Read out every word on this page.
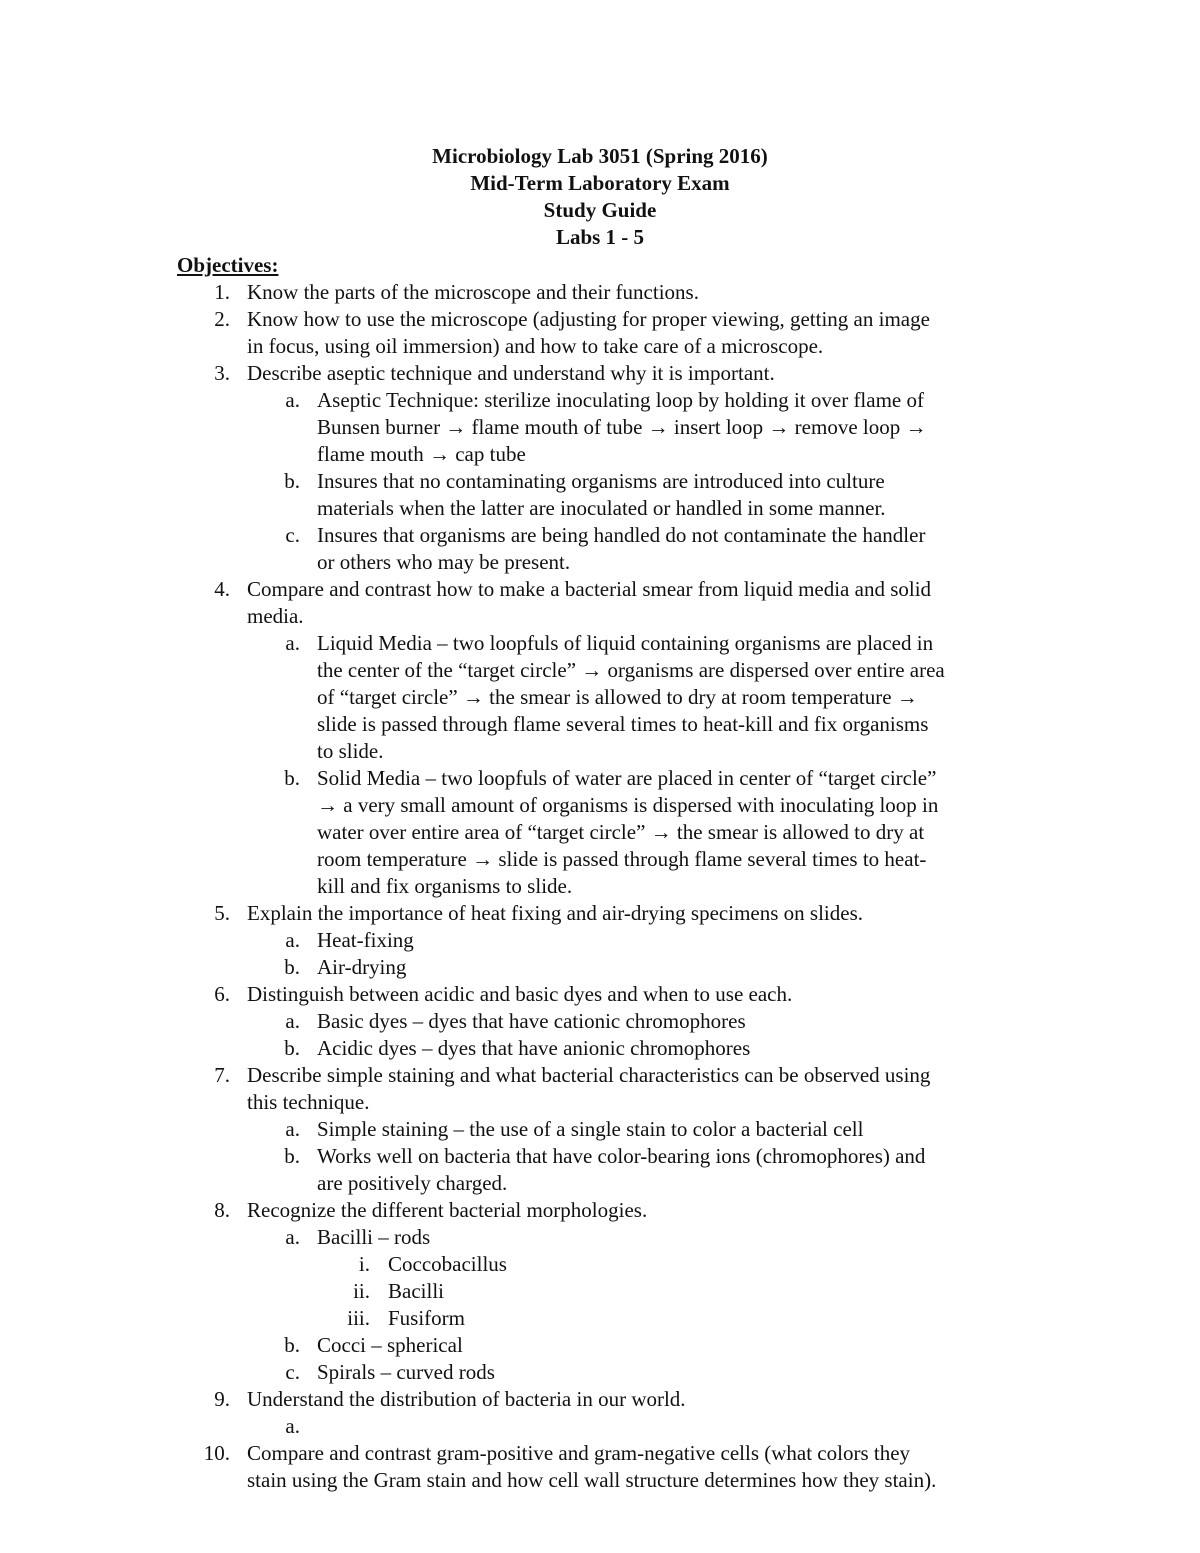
Microbiology Lab 3051 (Spring 2016)
Mid-Term Laboratory Exam
Study Guide
Labs 1 - 5
Objectives:
1. Know the parts of the microscope and their functions.
2. Know how to use the microscope (adjusting for proper viewing, getting an image
in focus, using oil immersion) and how to take care of a microscope.
3. Describe aseptic technique and understand why it is important.
a. Aseptic Technique: sterilize inoculating loop by holding it over flame of
Bunsen burner → flame mouth of tube → insert loop → remove loop →
flame mouth → cap tube
b. Insures that no contaminating organisms are introduced into culture
materials when the latter are inoculated or handled in some manner.
c. Insures that organisms are being handled do not contaminate the handler
or others who may be present.
4. Compare and contrast how to make a bacterial smear from liquid media and solid
media.
a. Liquid Media – two loopfuls of liquid containing organisms are placed in
the center of the “target circle” → organisms are dispersed over entire area
of “target circle” → the smear is allowed to dry at room temperature →
slide is passed through flame several times to heat-kill and fix organisms
to slide.
b. Solid Media – two loopfuls of water are placed in center of “target circle”
→ a very small amount of organisms is dispersed with inoculating loop in
water over entire area of “target circle” → the smear is allowed to dry at
room temperature → slide is passed through flame several times to heat-
kill and fix organisms to slide.
5. Explain the importance of heat fixing and air-drying specimens on slides.
a. Heat-fixing
b. Air-drying
6. Distinguish between acidic and basic dyes and when to use each.
a. Basic dyes – dyes that have cationic chromophores
b. Acidic dyes – dyes that have anionic chromophores
7. Describe simple staining and what bacterial characteristics can be observed using
this technique.
a. Simple staining – the use of a single stain to color a bacterial cell
b. Works well on bacteria that have color-bearing ions (chromophores) and
are positively charged.
8. Recognize the different bacterial morphologies.
a. Bacilli – rods
i. Coccobacillus
ii. Bacilli
iii. Fusiform
b. Cocci – spherical
c. Spirals – curved rods
9. Understand the distribution of bacteria in our world.
a.
10. Compare and contrast gram-positive and gram-negative cells (what colors they
stain using the Gram stain and how cell wall structure determines how they stain).
